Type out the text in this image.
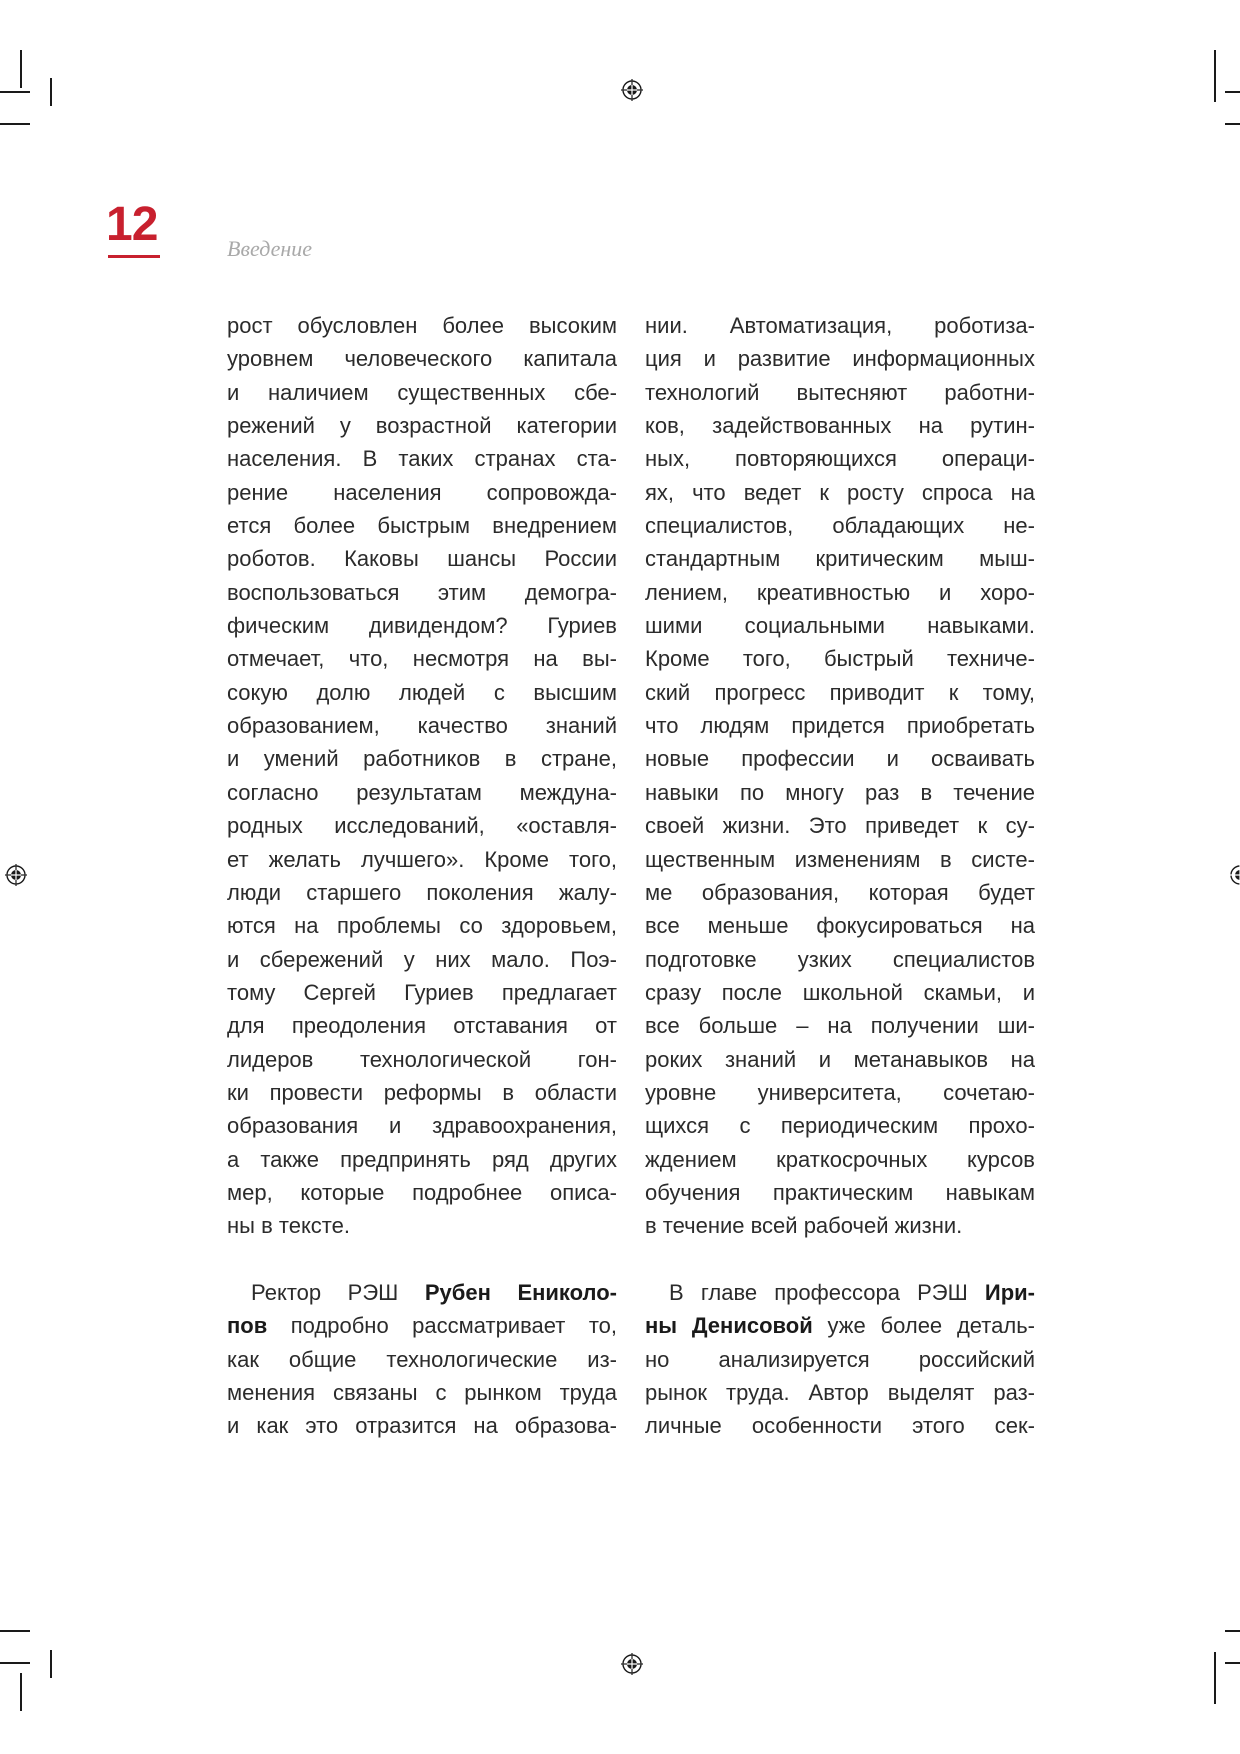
12	Введение

рост обусловлен более высоким
уровнем человеческого капитала
и наличием существенных сбе-
режений у возрастной категории
населения. В таких странах ста-
рение населения сопровожда-
ется более быстрым внедрением
роботов. Каковы шансы России
воспользоваться этим демогра-
фическим дивидендом? Гуриев
отмечает, что, несмотря на вы-
сокую долю людей с высшим
образованием, качество знаний
и умений работников в стране,
согласно результатам междуна-
родных исследований, «оставля-
ет желать лучшего». Кроме того,
люди старшего поколения жалу-
ются на проблемы со здоровьем,
и сбережений у них мало. Поэ-
тому Сергей Гуриев предлагает
для преодоления отставания от
лидеров технологической гон-
ки провести реформы в области
образования и здравоохранения,
а также предпринять ряд других
мер, которые подробнее описа-
ны в тексте.

Ректор РЭШ Рубен Ениколо-
пов подробно рассматривает то,
как общие технологические из-
менения связаны с рынком труда
и как это отразится на образова-

нии. Автоматизация, роботиза-
ция и развитие информационных
технологий вытесняют работни-
ков, задействованных на рутин-
ных, повторяющихся операци-
ях, что ведет к росту спроса на
специалистов, обладающих не-
стандартным критическим мыш-
лением, креативностью и хоро-
шими социальными навыками.
Кроме того, быстрый техниче-
ский прогресс приводит к тому,
что людям придется приобретать
новые профессии и осваивать
навыки по многу раз в течение
своей жизни. Это приведет к су-
щественным изменениям в систе-
ме образования, которая будет
все меньше фокусироваться на
подготовке узких специалистов
сразу после школьной скамьи, и
все больше – на получении ши-
роких знаний и метанавыков на
уровне университета, сочетаю-
щихся с периодическим прохо-
ждением краткосрочных курсов
обучения практическим навыкам
в течение всей рабочей жизни.

В главе профессора РЭШ Ири-
ны Денисовой уже более деталь-
но анализируется российский
рынок труда. Автор выделят раз-
личные особенности этого сек-
